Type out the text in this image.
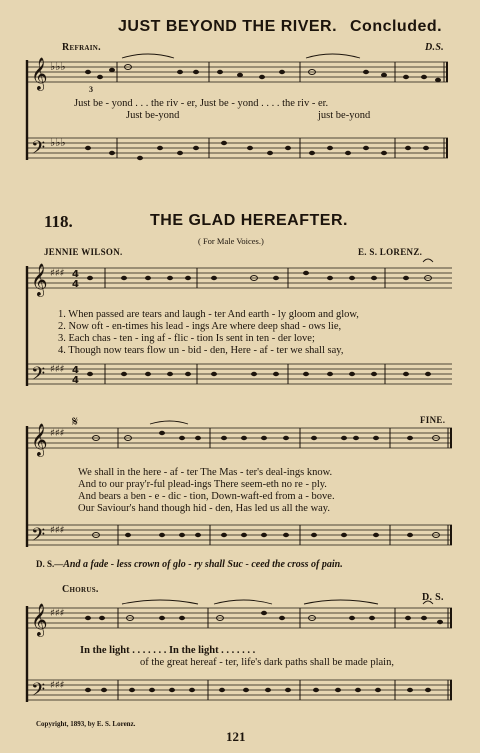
𝄞
𝄢
𝄞
𝄢
𝄞
𝄢
𝄞
𝄢
♭♭♭
♭♭♭
♯♯♯
♯♯♯
♯♯♯
♯♯♯
♯♯♯
♯♯♯
4
4
4
4
𝄋
JUST BEYOND THE RIVER. Concluded.
Refrain.	D.S.
3
Just be - yond . . . the riv - er, Just be - yond . . . . the riv - er.
Just be-yond	just be-yond
118.	THE GLAD HEREAFTER.
( For Male Voices.)
JENNIE WILSON.	E. S. LORENZ.
1. When passed are tears and laugh - ter And earth - ly gloom and glow,
2. Now oft - en-times his lead - ings Are where deep shad - ows lie,
3. Each chas - ten - ing af - flic - tion Is sent in ten - der love;
4. Though now tears flow un - bid - den, Here - af - ter we shall say,
FINE.
We shall in the here - af - ter The Mas - ter's deal-ings know.
And to our pray'r-ful plead-ings There seem-eth no re - ply.
And bears a ben - e - dic - tion, Down-waft-ed from a - bove.
Our Saviour's hand though hid - den, Has led us all the way.
D. S.—And a fade - less crown of glo - ry shall Suc - ceed the cross of pain.
Chorus.
D. S.
In the light . . . . . . . In the light . . . . . . .
of the great hereaf - ter, life's dark paths shall be made plain,
Copyright, 1893, by E. S. Lorenz.
121
